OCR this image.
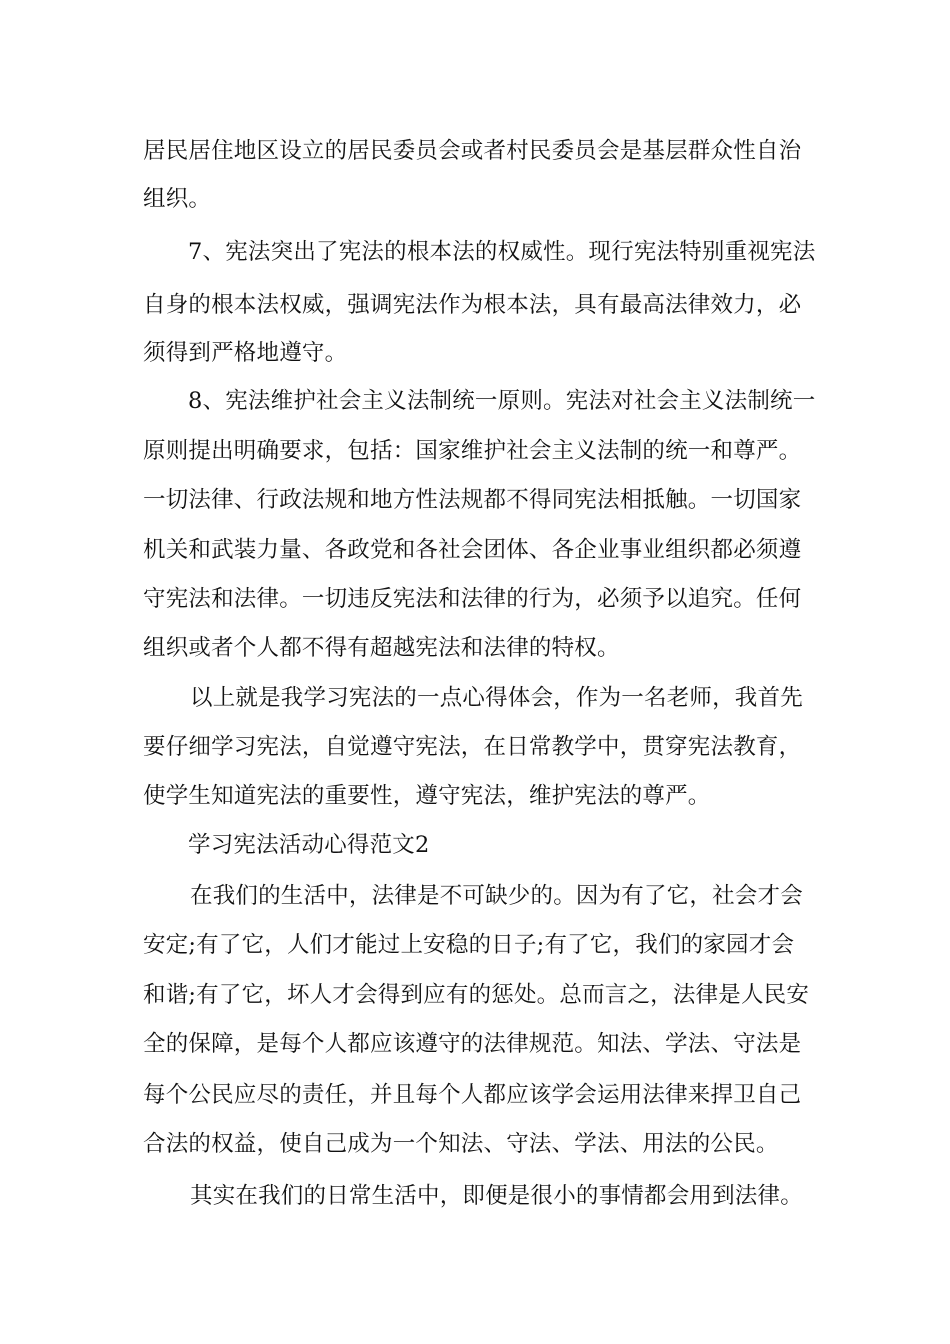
居民居住地区设立的居民委员会或者村民委员会是基层群众性自治
组织。
7、宪法突出了宪法的根本法的权威性。现行宪法特别重视宪法
自身的根本法权威，强调宪法作为根本法，具有最高法律效力，必
须得到严格地遵守。
8、宪法维护社会主义法制统一原则。宪法对社会主义法制统一
原则提出明确要求，包括：国家维护社会主义法制的统一和尊严。
一切法律、行政法规和地方性法规都不得同宪法相抵触。一切国家
机关和武装力量、各政党和各社会团体、各企业事业组织都必须遵
守宪法和法律。一切违反宪法和法律的行为，必须予以追究。任何
组织或者个人都不得有超越宪法和法律的特权。
以上就是我学习宪法的一点心得体会，作为一名老师，我首先
要仔细学习宪法，自觉遵守宪法，在日常教学中，贯穿宪法教育，
使学生知道宪法的重要性，遵守宪法，维护宪法的尊严。
学习宪法活动心得范文2
在我们的生活中，法律是不可缺少的。因为有了它，社会才会
安定;有了它，人们才能过上安稳的日子;有了它，我们的家园才会
和谐;有了它，坏人才会得到应有的惩处。总而言之，法律是人民安
全的保障，是每个人都应该遵守的法律规范。知法、学法、守法是
每个公民应尽的责任，并且每个人都应该学会运用法律来捍卫自己
合法的权益，使自己成为一个知法、守法、学法、用法的公民。
其实在我们的日常生活中，即便是很小的事情都会用到法律。
